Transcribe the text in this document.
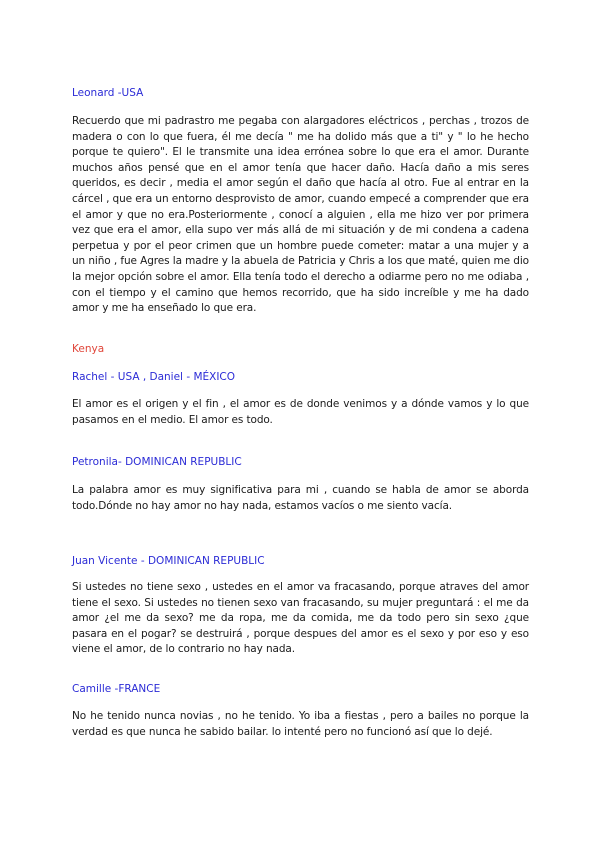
Leonard -USA

Recuerdo que mi padrastro me pegaba con alargadores eléctricos , perchas , trozos de madera o con lo que fuera, él me decía " me ha dolido más que a ti" y " lo he hecho porque te quiero". El le transmite una idea errónea sobre lo que era el amor. Durante muchos años pensé que en el amor tenía que hacer daño. Hacía daño a mis seres queridos, es decir , media el amor según el daño que hacía al otro. Fue al entrar en la cárcel , que era un entorno desprovisto de amor, cuando empecé a comprender que era el amor y que no era.Posteriormente , conocí a alguien , ella me hizo ver por primera vez que era el amor, ella supo ver más allá de mi situación y de mi condena a cadena perpetua y por el peor crimen que un hombre puede cometer: matar a una mujer y a un niño , fue Agres la madre y la abuela de Patricia y Chris a los que maté, quien me dio la mejor opción sobre el amor. Ella tenía todo el derecho a odiarme pero no me odiaba , con el tiempo y el camino que hemos recorrido, que ha sido increíble y me ha dado amor y me ha enseñado lo que era.

Kenya

Rachel - USA , Daniel - MÉXICO

El amor es el origen y el fin , el amor es de donde venimos y a dónde vamos y lo que pasamos en el medio. El amor es todo.

Petronila- DOMINICAN REPUBLIC

La palabra amor es muy significativa para mi , cuando se habla de amor se aborda todo.Dónde no hay amor no hay nada, estamos vacíos o me siento vacía.

Juan Vicente - DOMINICAN REPUBLIC

Si ustedes no tiene sexo , ustedes en el amor va fracasando, porque atraves del amor tiene el sexo. Si ustedes no tienen sexo van fracasando, su mujer preguntará : el me da amor ¿el me da sexo? me da ropa, me da comida, me da todo pero sin sexo ¿que pasara en el pogar? se destruirá , porque despues del amor es el sexo y por eso y eso viene el amor, de lo contrario no hay nada.

Camille -FRANCE

No he tenido nunca novias , no he tenido. Yo iba a fiestas , pero a bailes no porque la verdad es que nunca he sabido bailar. lo intenté pero no funcionó así que lo dejé.
